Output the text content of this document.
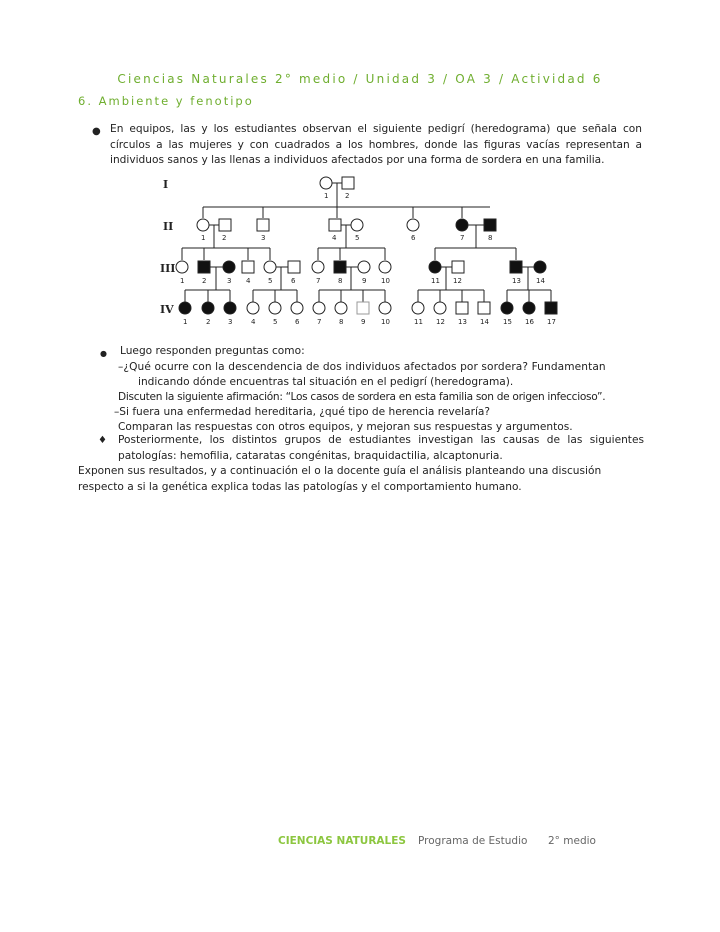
Ciencias Naturales 2° medio / Unidad 3 / OA 3 / Actividad 6
6. Ambiente y fenotipo
● En equipos, las y los estudiantes observan el siguiente pedigrí (heredograma) que señala con círculos a las mujeres y con cuadrados a los hombres, donde las figuras vacías representan a individuos sanos y las llenas a individuos afectados por una forma de sordera en una familia.
I
II
III
IV
1 2
1 2	3	4	5	6	7	8
1	2	3 4	5	6	7	8	9 10	11 12	13 14
1	2	3	4	5	6	7	8	9 10	11 12 13 14 15 16 17
● Luego responden preguntas como:
–¿Qué ocurre con la descendencia de dos individuos afectados por sordera? Fundamentan
indicando dónde encuentras tal situación en el pedigrí (heredograma).
Discuten la siguiente afirmación: “Los casos de sordera en esta familia son de origen infeccioso”.
–Si fuera una enfermedad hereditaria, ¿qué tipo de herencia revelaría?
Comparan las respuestas con otros equipos, y mejoran sus respuestas y argumentos.
♦ Posteriormente, los distintos grupos de estudiantes investigan las causas de las siguientes patologías: hemofilia, cataratas congénitas, braquidactilia, alcaptonuria.
Exponen sus resultados, y a continuación el o la docente guía el análisis planteando una discusión respecto a si la genética explica todas las patologías y el comportamiento humano.
CIENCIAS NATURALES Programa de Estudio 2° medio
